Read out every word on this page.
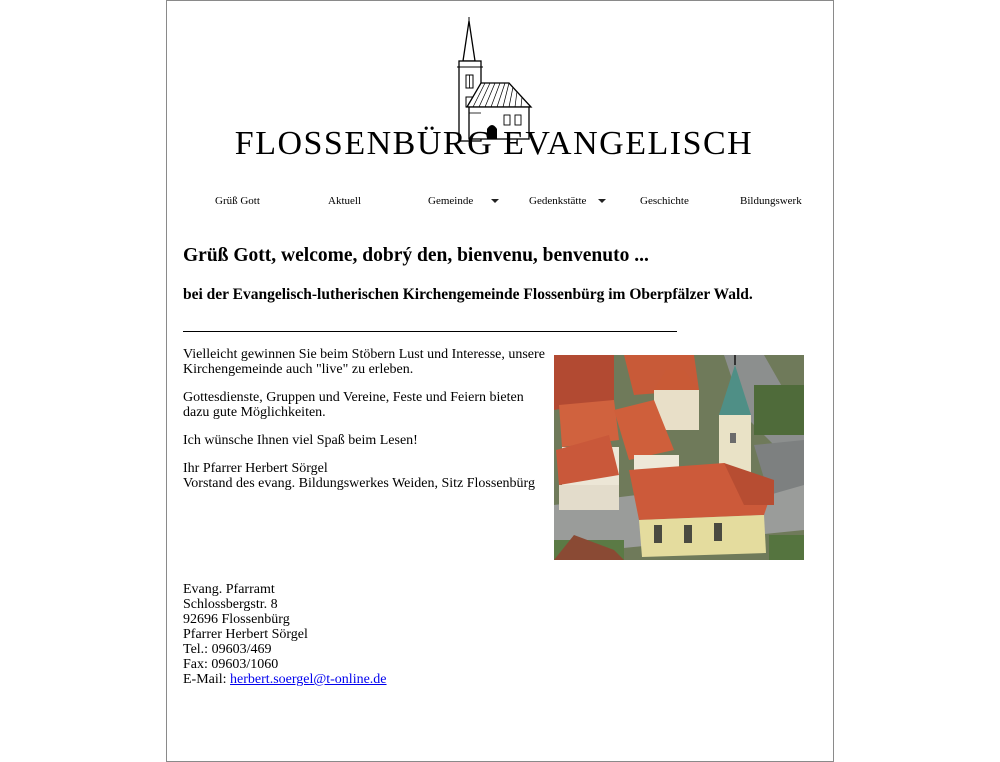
FLOSSENBÜRG EVANGELISCH
Grüß Gott	Aktuell	Gemeinde	Gedenkstätte	Geschichte	Bildungswerk
Grüß Gott, welcome, dobrý den, bienvenu, benvenuto ...
bei der Evangelisch-lutherischen Kirchengemeinde Flossenbürg im Oberpfälzer Wald.

Vielleicht gewinnen Sie beim Stöbern Lust und Interesse, unsere Kirchengemeinde auch "live" zu erleben.

Gottesdienste, Gruppen und Vereine, Feste und Feiern bieten dazu gute Möglichkeiten.

Ich wünsche Ihnen viel Spaß beim Lesen!

Ihr Pfarrer Herbert Sörgel
Vorstand des evang. Bildungswerkes Weiden, Sitz Flossenbürg

Evang. Pfarramt
Schlossbergstr. 8
92696 Flossenbürg
Pfarrer Herbert Sörgel
Tel.: 09603/469
Fax: 09603/1060
E-Mail: herbert.soergel@t-online.de
